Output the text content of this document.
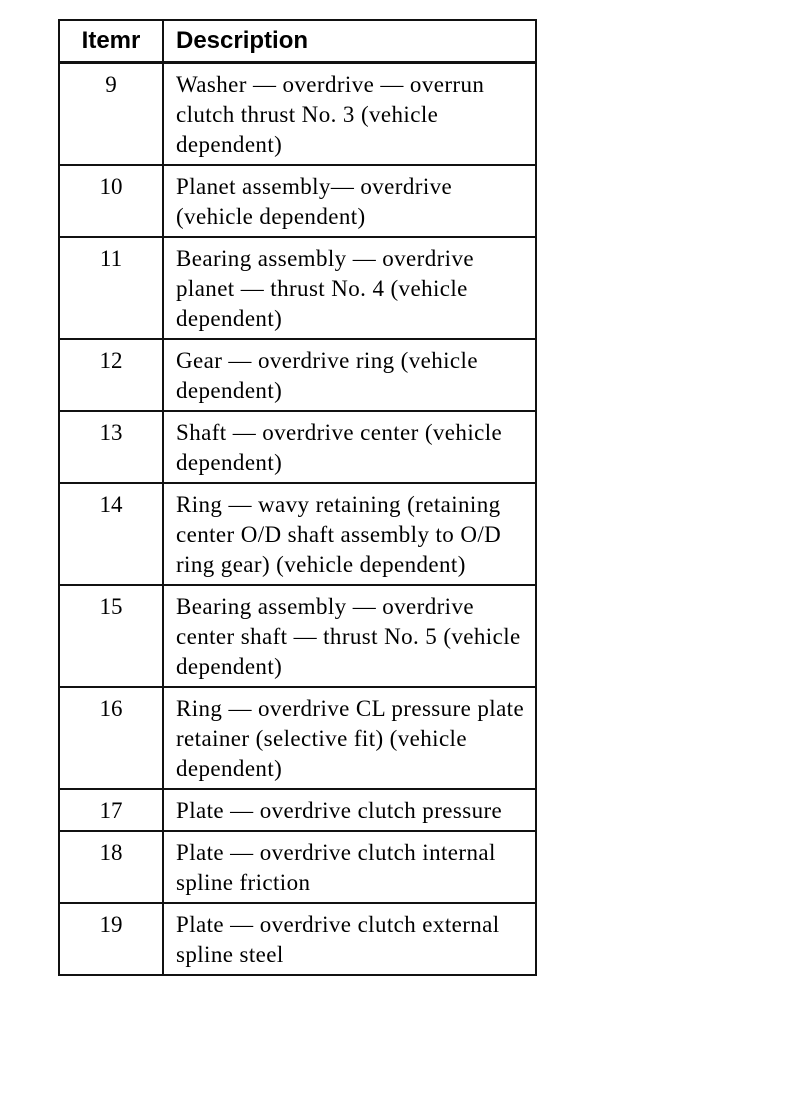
Itemr	Description
9	Washer — overdrive — overrun clutch thrust No. 3 (vehicle dependent)
10	Planet assembly— overdrive (vehicle dependent)
11	Bearing assembly — overdrive planet — thrust No. 4 (vehicle dependent)
12	Gear — overdrive ring (vehicle dependent)
13	Shaft — overdrive center (vehicle dependent)
14	Ring — wavy retaining (retaining center O/D shaft assembly to O/D ring gear) (vehicle dependent)
15	Bearing assembly — overdrive center shaft — thrust No. 5 (vehicle dependent)
16	Ring — overdrive CL pressure plate retainer (selective fit) (vehicle dependent)
17	Plate — overdrive clutch pressure
18	Plate — overdrive clutch internal spline friction
19	Plate — overdrive clutch external spline steel
